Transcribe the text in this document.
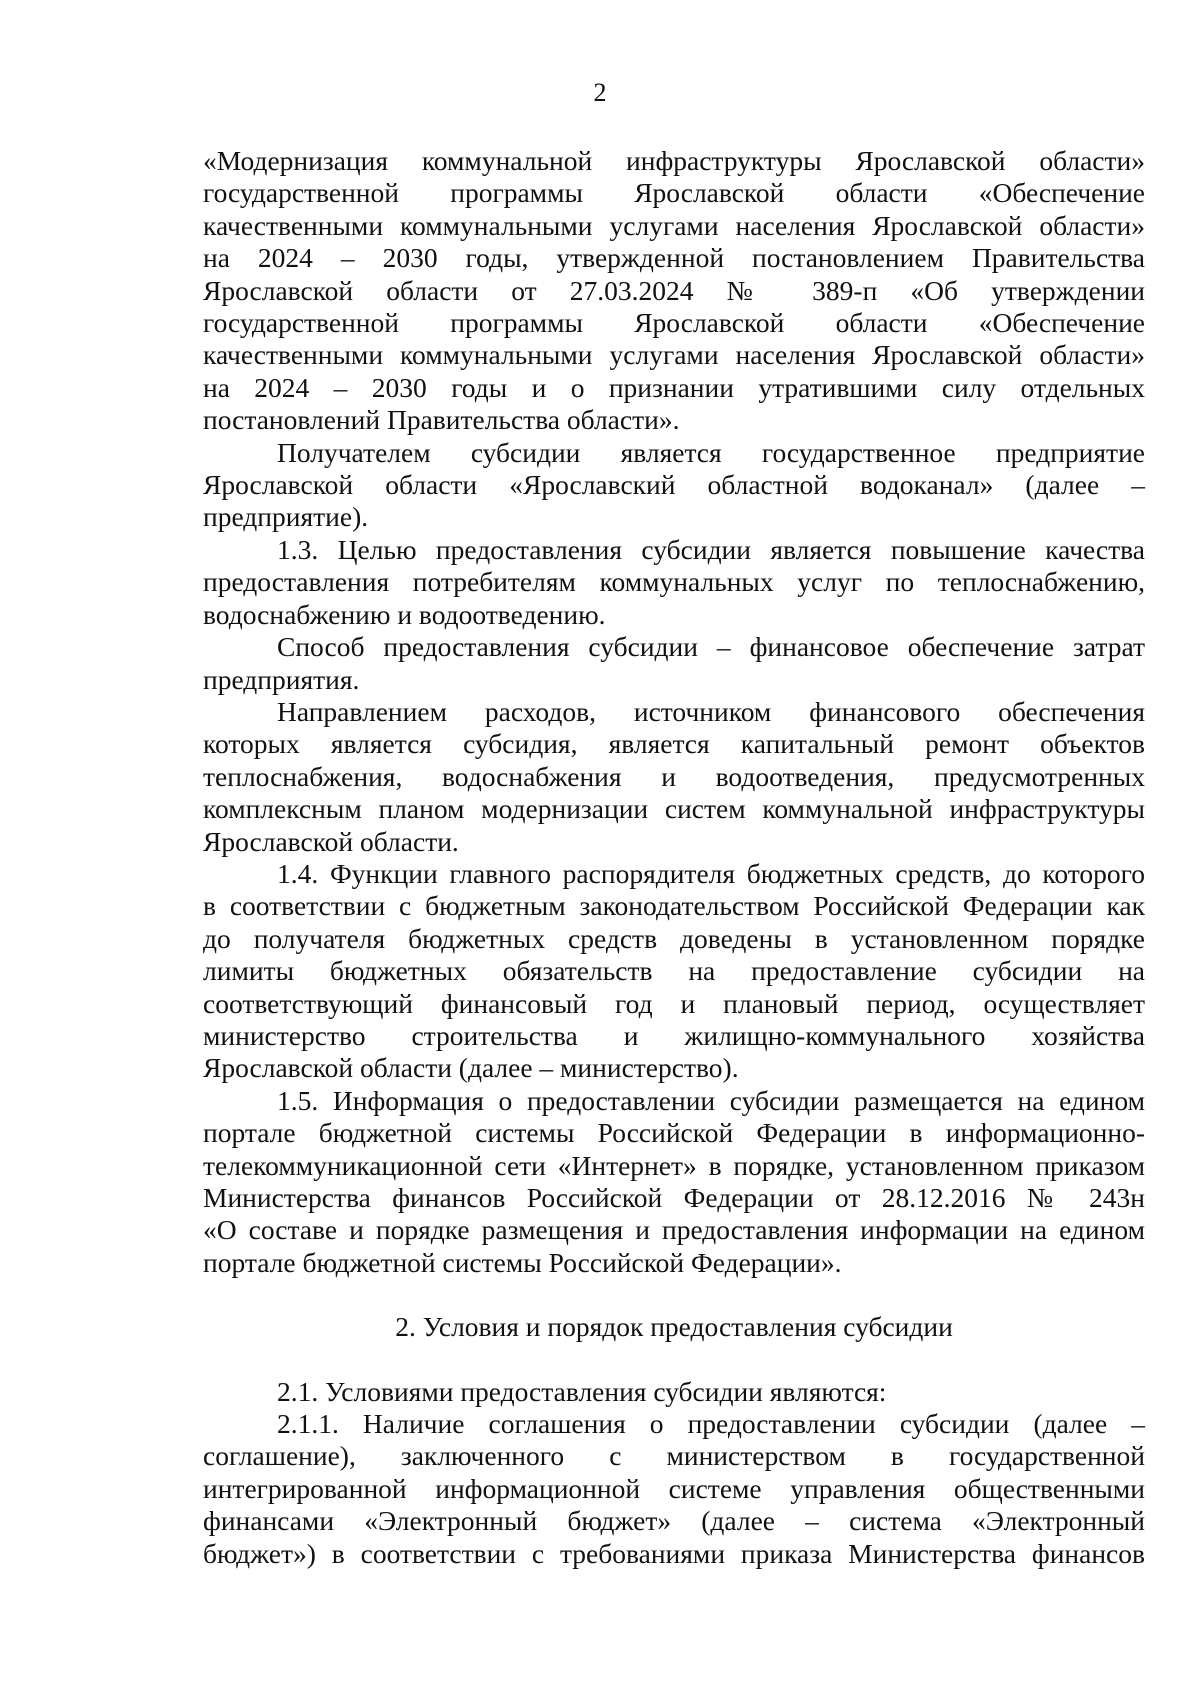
2

«Модернизация коммунальной инфраструктуры Ярославской области»

государственной программы Ярославской области «Обеспечение

качественными коммунальными услугами населения Ярославской области»

на 2024 – 2030 годы, утвержденной постановлением Правительства

Ярославской области от 27.03.2024 № 389-п «Об утверждении

государственной программы Ярославской области «Обеспечение

качественными коммунальными услугами населения Ярославской области»

на 2024 – 2030 годы и о признании утратившими силу отдельных

постановлений Правительства области».

Получателем субсидии является государственное предприятие

Ярославской области «Ярославский областной водоканал» (далее –

предприятие).

1.3. Целью предоставления субсидии является повышение качества

предоставления потребителям коммунальных услуг по теплоснабжению,

водоснабжению и водоотведению.

Способ предоставления субсидии – финансовое обеспечение затрат

предприятия.

Направлением расходов, источником финансового обеспечения

которых является субсидия, является капитальный ремонт объектов

теплоснабжения, водоснабжения и водоотведения, предусмотренных

комплексным планом модернизации систем коммунальной инфраструктуры

Ярославской области.

1.4. Функции главного распорядителя бюджетных средств, до которого

в соответствии с бюджетным законодательством Российской Федерации как

до получателя бюджетных средств доведены в установленном порядке

лимиты бюджетных обязательств на предоставление субсидии на

соответствующий финансовый год и плановый период, осуществляет

министерство строительства и жилищно-коммунального хозяйства

Ярославской области (далее – министерство).

1.5. Информация о предоставлении субсидии размещается на едином

портале бюджетной системы Российской Федерации в информационно-

телекоммуникационной сети «Интернет» в порядке, установленном приказом

Министерства финансов Российской Федерации от 28.12.2016 № 243н

«О составе и порядке размещения и предоставления информации на едином

портале бюджетной системы Российской Федерации».

2. Условия и порядок предоставления субсидии

2.1. Условиями предоставления субсидии являются:

2.1.1. Наличие соглашения о предоставлении субсидии (далее –

соглашение), заключенного с министерством в государственной

интегрированной информационной системе управления общественными

финансами «Электронный бюджет» (далее – система «Электронный

бюджет») в соответствии с требованиями приказа Министерства финансов
